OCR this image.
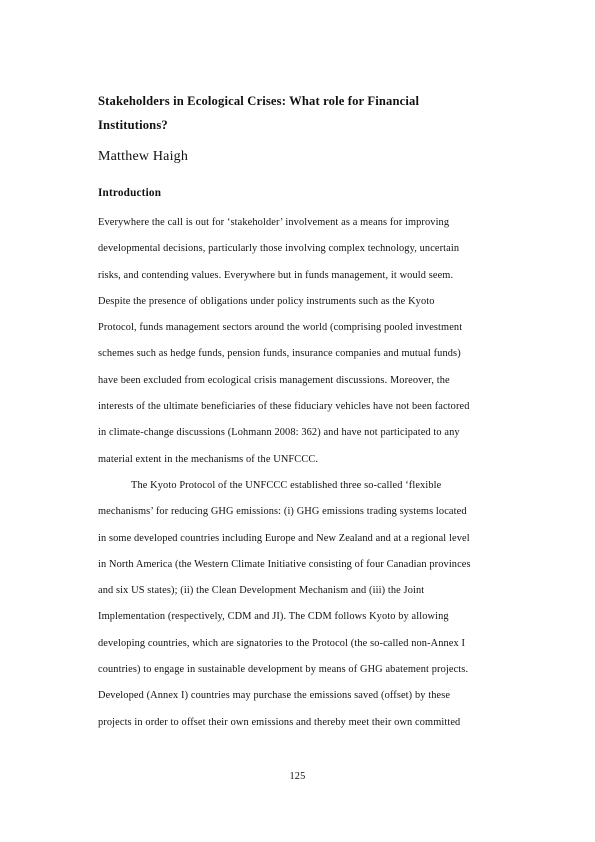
Stakeholders in Ecological Crises: What role for Financial
Institutions?
Matthew Haigh
Introduction
Everywhere the call is out for ‘stakeholder’ involvement as a means for improving
developmental decisions, particularly those involving complex technology, uncertain
risks, and contending values. Everywhere but in funds management, it would seem.
Despite the presence of obligations under policy instruments such as the Kyoto
Protocol, funds management sectors around the world (comprising pooled investment
schemes such as hedge funds, pension funds, insurance companies and mutual funds)
have been excluded from ecological crisis management discussions. Moreover, the
interests of the ultimate beneficiaries of these fiduciary vehicles have not been factored
in climate-change discussions (Lohmann 2008: 362) and have not participated to any
material extent in the mechanisms of the UNFCCC.
The Kyoto Protocol of the UNFCCC established three so-called ‘flexible
mechanisms’ for reducing GHG emissions: (i) GHG emissions trading systems located
in some developed countries including Europe and New Zealand and at a regional level
in North America (the Western Climate Initiative consisting of four Canadian provinces
and six US states); (ii) the Clean Development Mechanism and (iii) the Joint
Implementation (respectively, CDM and JI). The CDM follows Kyoto by allowing
developing countries, which are signatories to the Protocol (the so-called non-Annex I
countries) to engage in sustainable development by means of GHG abatement projects.
Developed (Annex I) countries may purchase the emissions saved (offset) by these
projects in order to offset their own emissions and thereby meet their own committed
125
